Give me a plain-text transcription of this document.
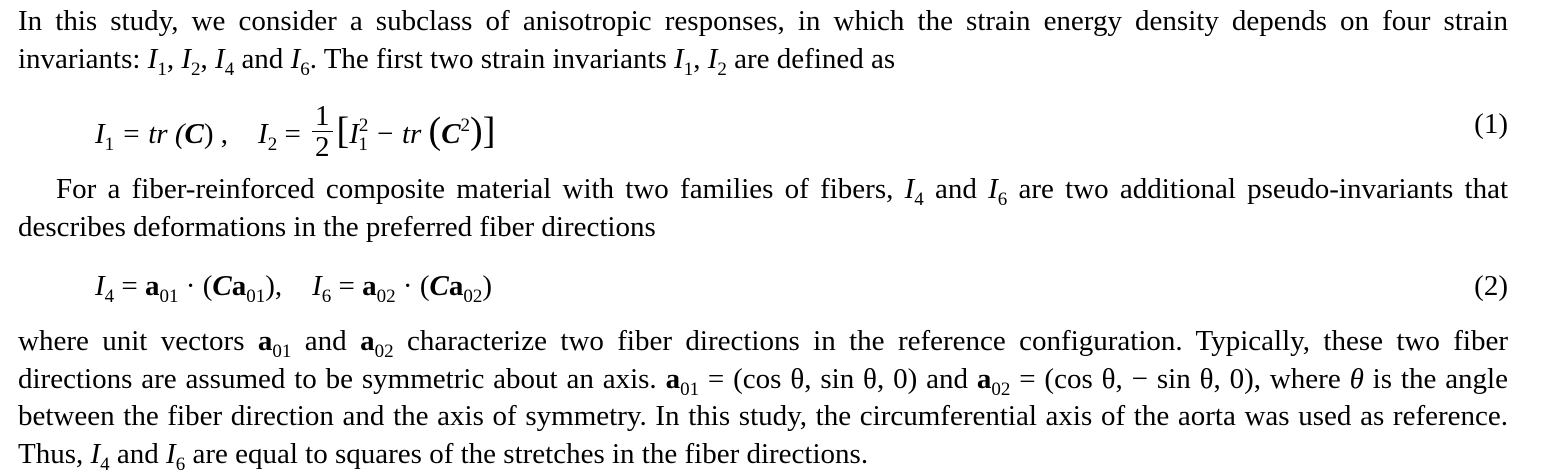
In this study, we consider a subclass of anisotropic responses, in which the strain energy density depends on four strain invariants: $I_1$, $I_2$, $I_4$ and $I_6$. The first two strain invariants $I_1$, $I_2$ are defined as
$I_1$ = tr (C) , $I_2 = \frac{1}{2} [I^2_1$ − tr $(C^2)$]	(1)
For a fiber-reinforced composite material with two families of fibers, $I_4$ and $I_6$ are two additional pseudo-invariants that describes deformations in the preferred fiber directions
$I_4 = a_{01} \cdot (Ca_{01})$, $I_6 = a_{02} \cdot (Ca_{02})$	(2)
where unit vectors $a_{01}$ and $a_{02}$ characterize two fiber directions in the reference configuration. Typically, these two fiber directions are assumed to be symmetric about an axis. $a_{01} = (\cos$ θ, sin θ, 0) and $a_{02} = (\cos$ θ, − sin θ, 0), where θ is the angle between the fiber direction and the axis of symmetry. In this study, the circumferential axis of the aorta was used as reference. Thus, $I_4$ and $I_6$ are equal to squares of the stretches in the fiber directions.
